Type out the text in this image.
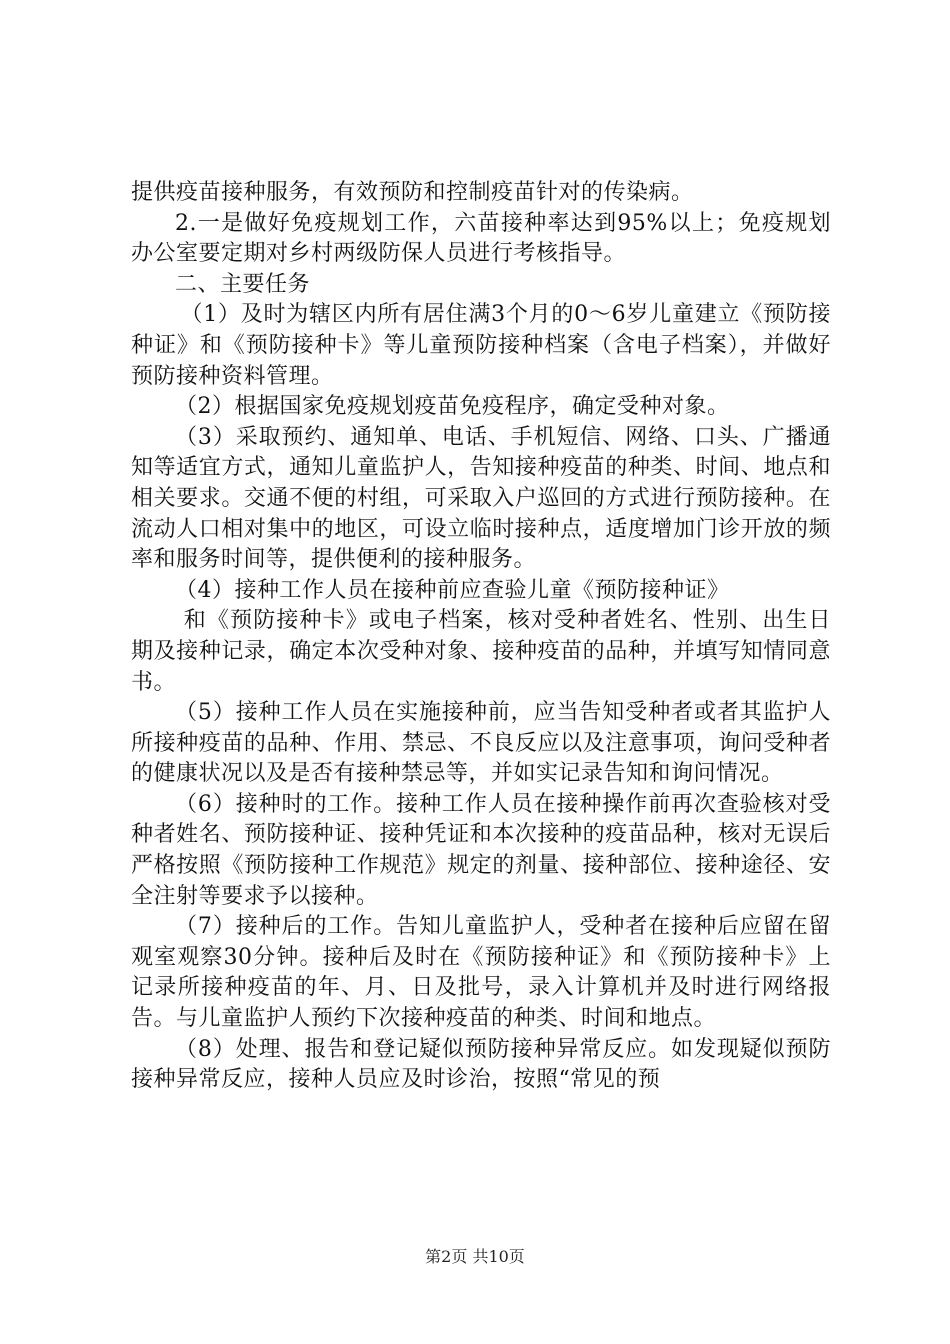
提供疫苗接种服务，有效预防和控制疫苗针对的传染病。

2.一是做好免疫规划工作，六苗接种率达到95%以上；免疫规划办公室要定期对乡村两级防保人员进行考核指导。

二、主要任务

（1）及时为辖区内所有居住满3个月的0～6岁儿童建立《预防接种证》和《预防接种卡》等儿童预防接种档案（含电子档案），并做好预防接种资料管理。

（2）根据国家免疫规划疫苗免疫程序，确定受种对象。

（3）采取预约、通知单、电话、手机短信、网络、口头、广播通知等适宜方式，通知儿童监护人，告知接种疫苗的种类、时间、地点和相关要求。交通不便的村组，可采取入户巡回的方式进行预防接种。在流动人口相对集中的地区，可设立临时接种点，适度增加门诊开放的频率和服务时间等，提供便利的接种服务。

（4）接种工作人员在接种前应查验儿童《预防接种证》

和《预防接种卡》或电子档案，核对受种者姓名、性别、出生日期及接种记录，确定本次受种对象、接种疫苗的品种，并填写知情同意书。

（5）接种工作人员在实施接种前，应当告知受种者或者其监护人所接种疫苗的品种、作用、禁忌、不良反应以及注意事项，询问受种者的健康状况以及是否有接种禁忌等，并如实记录告知和询问情况。

（6）接种时的工作。接种工作人员在接种操作前再次查验核对受种者姓名、预防接种证、接种凭证和本次接种的疫苗品种，核对无误后严格按照《预防接种工作规范》规定的剂量、接种部位、接种途径、安全注射等要求予以接种。

（7）接种后的工作。告知儿童监护人，受种者在接种后应留在留观室观察30分钟。接种后及时在《预防接种证》和《预防接种卡》上记录所接种疫苗的年、月、日及批号，录入计算机并及时进行网络报告。与儿童监护人预约下次接种疫苗的种类、时间和地点。

（8）处理、报告和登记疑似预防接种异常反应。如发现疑似预防接种异常反应，接种人员应及时诊治，按照“常见的预

第2页 共10页
